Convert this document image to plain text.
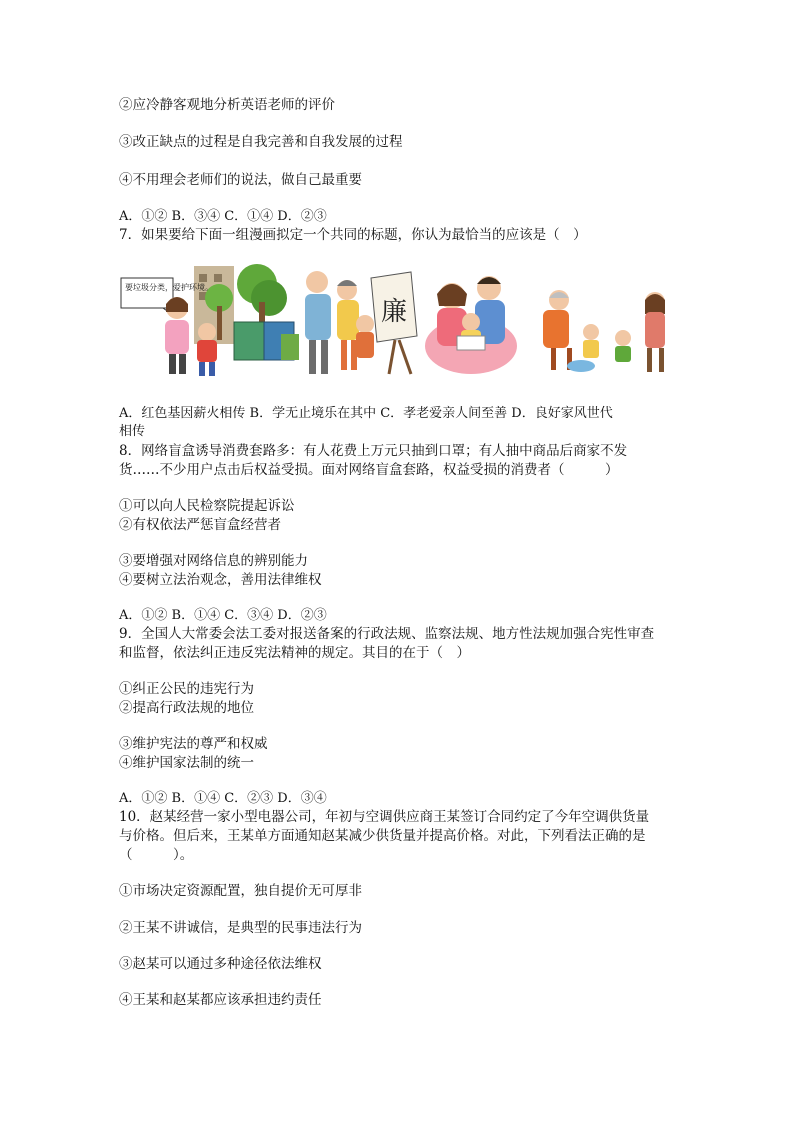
②应冷静客观地分析英语老师的评价
③改正缺点的过程是自我完善和自我发展的过程
④不用理会老师们的说法，做自己最重要
A．①② B．③④ C．①④ D．②③
7．如果要给下面一组漫画拟定一个共同的标题，你认为最恰当的应该是（　）
要垃圾分类，爱护环境。
廉
A．红色基因薪火相传 B．学无止境乐在其中 C．孝老爱亲人间至善 D．良好家风世代
相传
8．网络盲盒诱导消费套路多：有人花费上万元只抽到口罩；有人抽中商品后商家不发
货……不少用户点击后权益受损。面对网络盲盒套路，权益受损的消费者（　　　）
①可以向人民检察院提起诉讼
②有权依法严惩盲盒经营者
③要增强对网络信息的辨别能力
④要树立法治观念，善用法律维权
A．①② B．①④ C．③④ D．②③
9．全国人大常委会法工委对报送备案的行政法规、监察法规、地方性法规加强合宪性审查
和监督，依法纠正违反宪法精神的规定。其目的在于（　）
①纠正公民的违宪行为
②提高行政法规的地位
③维护宪法的尊严和权威
④维护国家法制的统一
A．①② B．①④ C．②③ D．③④
10．赵某经营一家小型电器公司，年初与空调供应商王某签订合同约定了今年空调供货量
与价格。但后来，王某单方面通知赵某减少供货量并提高价格。对此，下列看法正确的是
（　　　）。
①市场决定资源配置，独自提价无可厚非
②王某不讲诚信，是典型的民事违法行为
③赵某可以通过多种途径依法维权
④王某和赵某都应该承担违约责任
